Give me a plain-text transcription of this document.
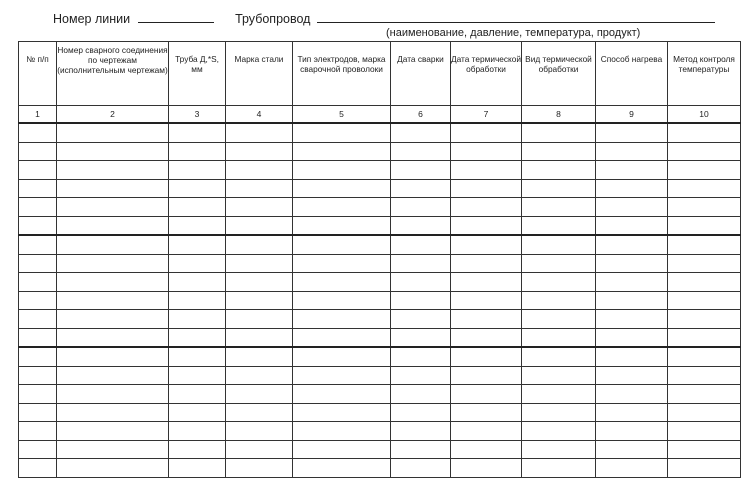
Номер линии	Трубопровод
(наименование, давление, температура, продукт)
№ п/п	Номер сварного соединения по чертежам (исполнительным чертежам)	Труба Д,*S, мм	Марка стали	Тип электродов, марка сварочной проволоки	Дата сварки	Дата термической обработки	Вид термической обработки	Способ нагрева	Метод контроля температуры
1	2	3	4	5	6	7	8	9	10
